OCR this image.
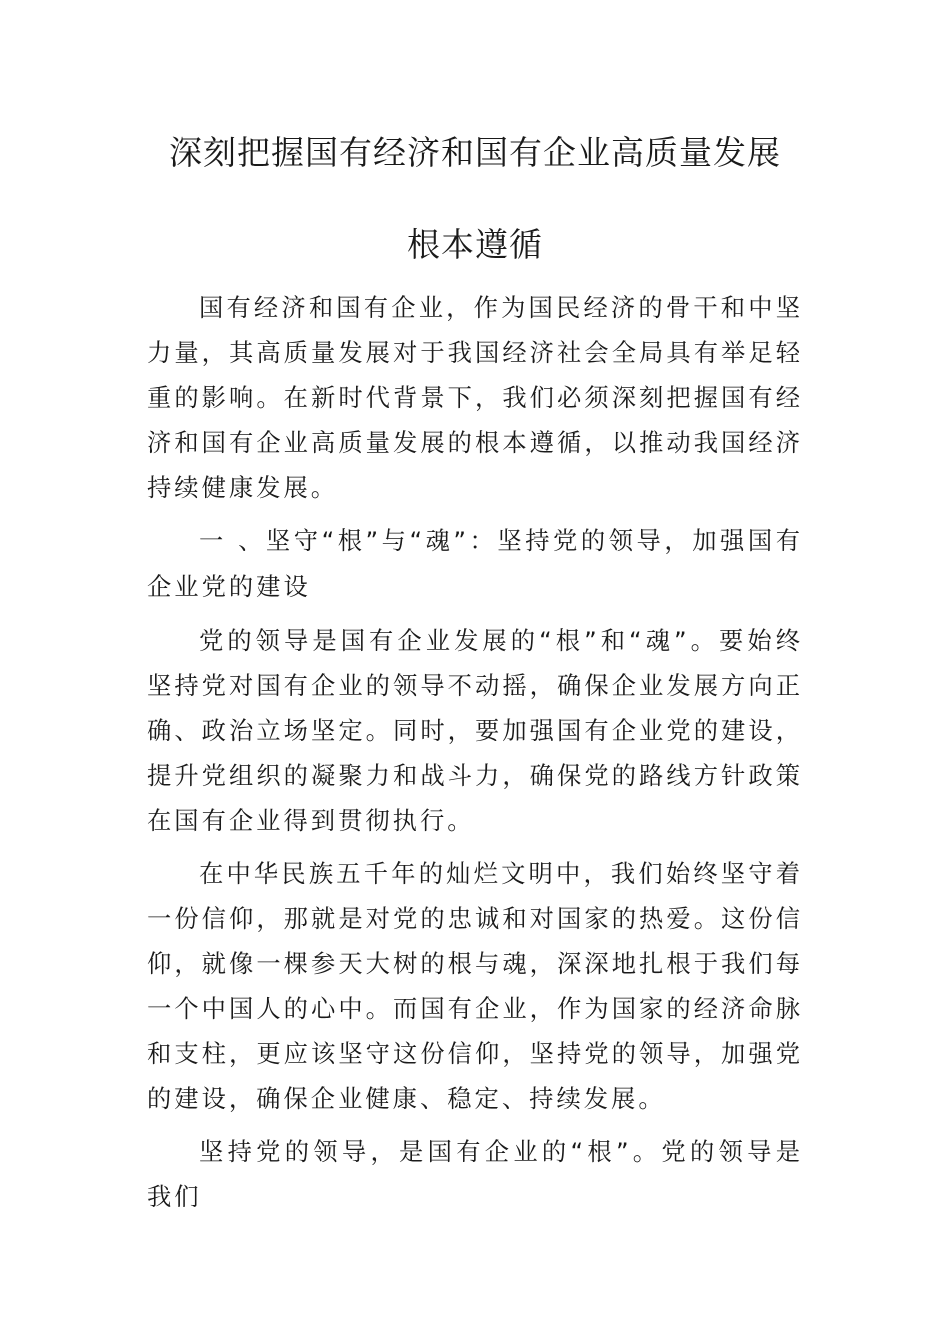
深刻把握国有经济和国有企业高质量发展
根本遵循

国有经济和国有企业，作为国民经济的骨干和中坚力量，其高质量发展对于我国经济社会全局具有举足轻重的影响。在新时代背景下，我们必须深刻把握国有经济和国有企业高质量发展的根本遵循，以推动我国经济持续健康发展。

一 、坚守“根”与“魂”：坚持党的领导，加强国有企业党的建设

党的领导是国有企业发展的“根”和“魂”。要始终坚持党对国有企业的领导不动摇，确保企业发展方向正确、政治立场坚定。同时，要加强国有企业党的建设，提升党组织的凝聚力和战斗力，确保党的路线方针政策在国有企业得到贯彻执行。

在中华民族五千年的灿烂文明中，我们始终坚守着一份信仰，那就是对党的忠诚和对国家的热爱。这份信仰，就像一棵参天大树的根与魂，深深地扎根于我们每一个中国人的心中。而国有企业，作为国家的经济命脉和支柱，更应该坚守这份信仰，坚持党的领导，加强党的建设，确保企业健康、稳定、持续发展。

坚持党的领导，是国有企业的“根”。党的领导是我们
